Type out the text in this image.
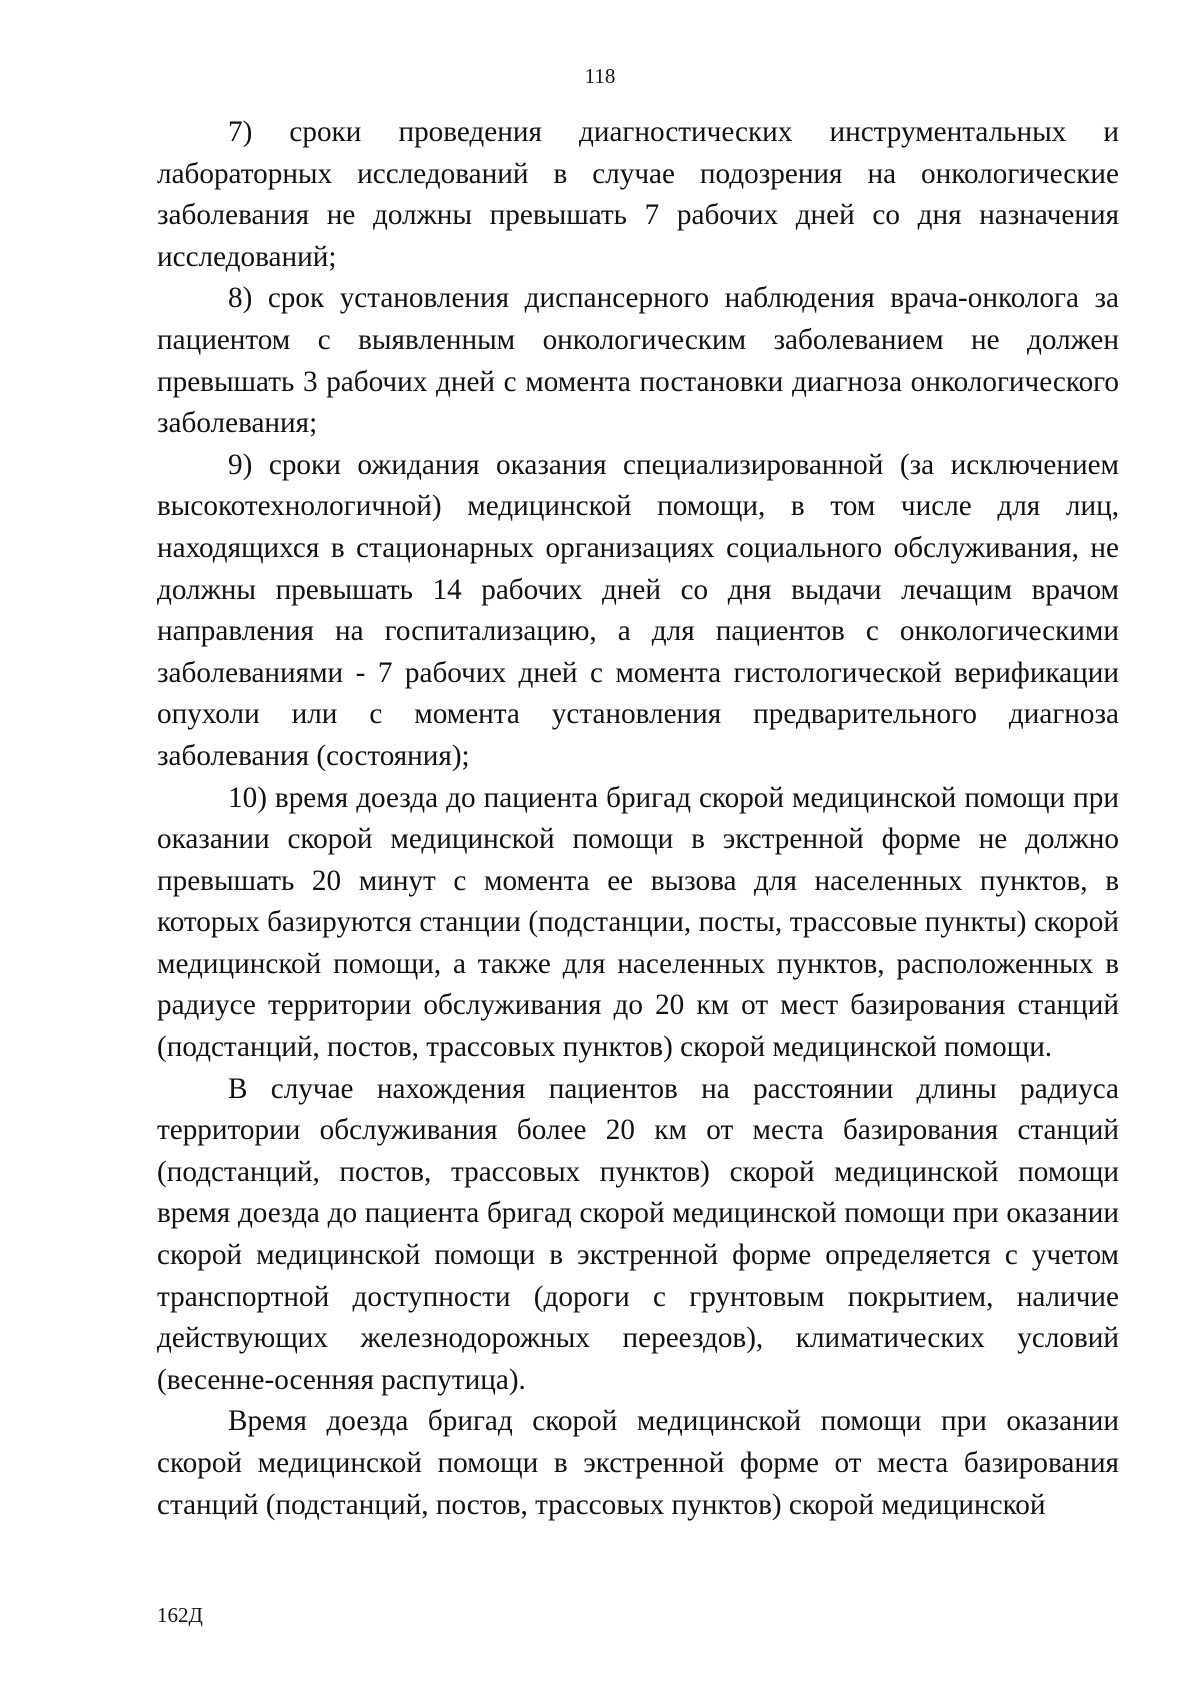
118

7) сроки проведения диагностических инструментальных и лабораторных исследований в случае подозрения на онкологические заболевания не должны превышать 7 рабочих дней со дня назначения исследований;

8) срок установления диспансерного наблюдения врача-онколога за пациентом с выявленным онкологическим заболеванием не должен превышать 3 рабочих дней с момента постановки диагноза онкологического заболевания;

9) сроки ожидания оказания специализированной (за исключением высокотехнологичной) медицинской помощи, в том числе для лиц, находящихся в стационарных организациях социального обслуживания, не должны превышать 14 рабочих дней со дня выдачи лечащим врачом направления на госпитализацию, а для пациентов с онкологическими заболеваниями - 7 рабочих дней с момента гистологической верификации опухоли или с момента установления предварительного диагноза заболевания (состояния);

10) время доезда до пациента бригад скорой медицинской помощи при оказании скорой медицинской помощи в экстренной форме не должно превышать 20 минут с момента ее вызова для населенных пунктов, в которых базируются станции (подстанции, посты, трассовые пункты) скорой медицинской помощи, а также для населенных пунктов, расположенных в радиусе территории обслуживания до 20 км от мест базирования станций (подстанций, постов, трассовых пунктов) скорой медицинской помощи.

В случае нахождения пациентов на расстоянии длины радиуса территории обслуживания более 20 км от места базирования станций (подстанций, постов, трассовых пунктов) скорой медицинской помощи время доезда до пациента бригад скорой медицинской помощи при оказании скорой медицинской помощи в экстренной форме определяется с учетом транспортной доступности (дороги с грунтовым покрытием, наличие действующих железнодорожных переездов), климатических условий (весенне-осенняя распутица).

Время доезда бригад скорой медицинской помощи при оказании скорой медицинской помощи в экстренной форме от места базирования станций (подстанций, постов, трассовых пунктов) скорой медицинской

162Д
